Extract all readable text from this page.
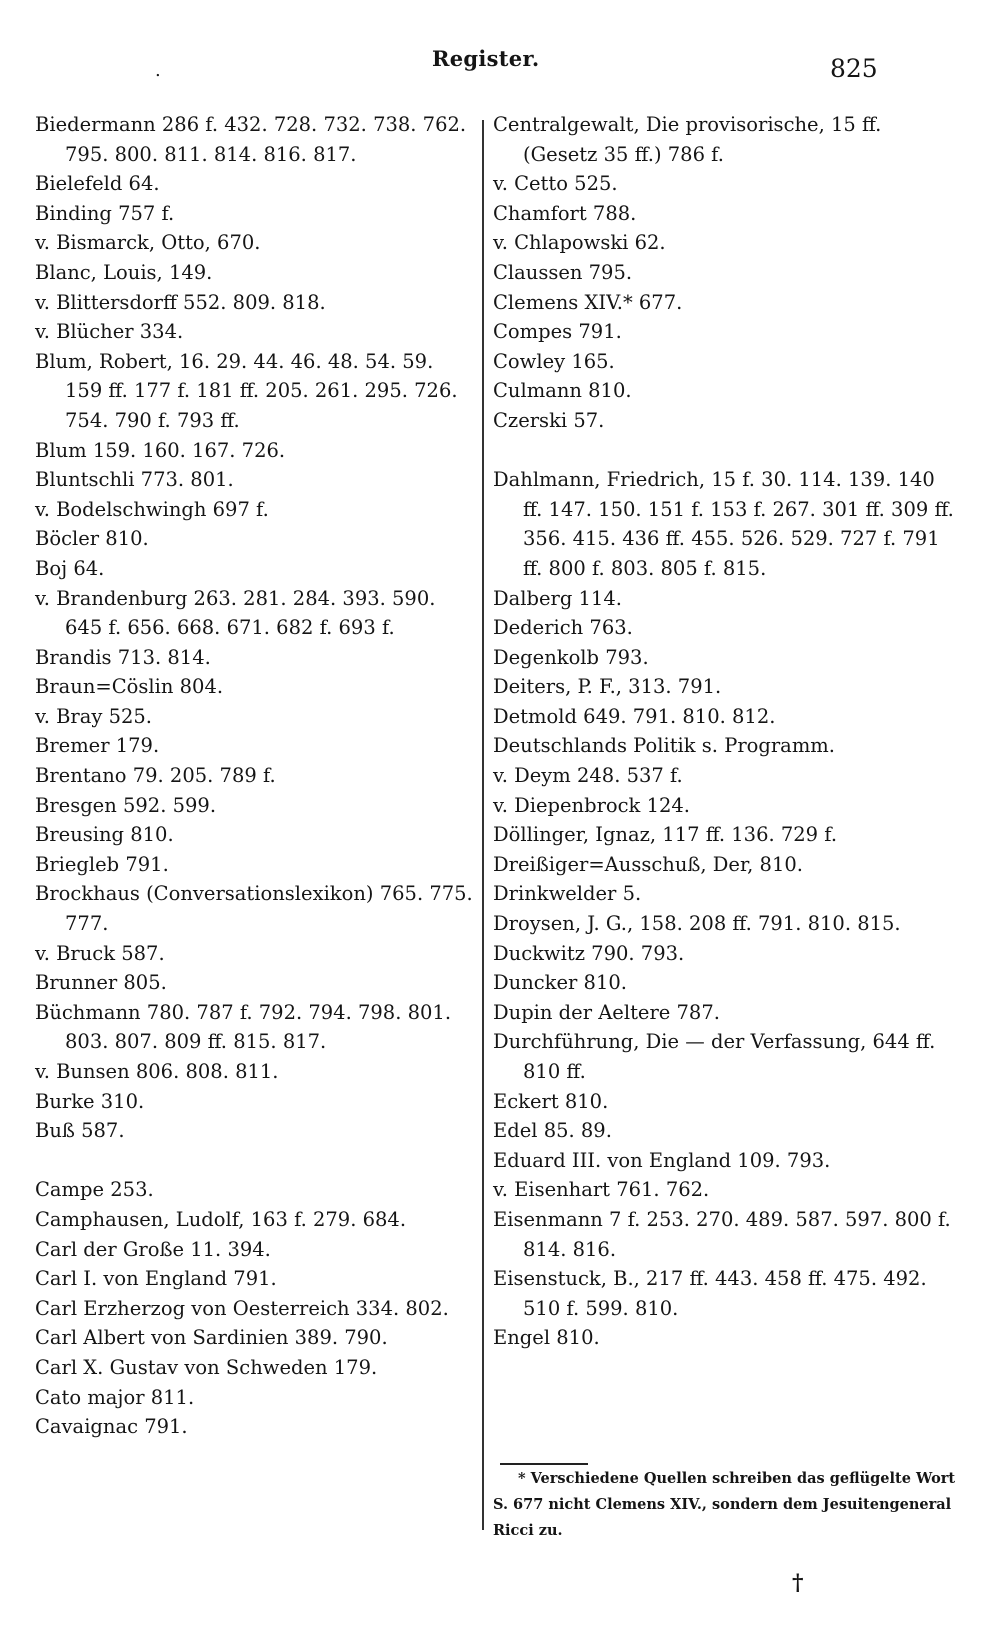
.	Register.	825

Biedermann 286 f. 432. 728. 732. 738. 762. 795. 800. 811. 814. 816. 817.

Bielefeld 64.

Binding 757 f.

v. Bismarck, Otto, 670.

Blanc, Louis, 149.

v. Blittersdorff 552. 809. 818.

v. Blücher 334.

Blum, Robert, 16. 29. 44. 46. 48. 54. 59. 159 ff. 177 f. 181 ff. 205. 261. 295. 726. 754. 790 f. 793 ff.

Blum 159. 160. 167. 726.

Bluntschli 773. 801.

v. Bodelschwingh 697 f.

Böcler 810.

Boj 64.

v. Brandenburg 263. 281. 284. 393. 590. 645 f. 656. 668. 671. 682 f. 693 f.

Brandis 713. 814.

Braun=Cöslin 804.

v. Bray 525.

Bremer 179.

Brentano 79. 205. 789 f.

Bresgen 592. 599.

Breusing 810.

Briegleb 791.

Brockhaus (Conversationslexikon) 765. 775. 777.

v. Bruck 587.

Brunner 805.

Büchmann 780. 787 f. 792. 794. 798. 801. 803. 807. 809 ff. 815. 817.

v. Bunsen 806. 808. 811.

Burke 310.

Buß 587.

Campe 253.

Camphausen, Ludolf, 163 f. 279. 684.

Carl der Große 11. 394.

Carl I. von England 791.

Carl Erzherzog von Oesterreich 334. 802.

Carl Albert von Sardinien 389. 790.

Carl X. Gustav von Schweden 179.

Cato major 811.

Cavaignac 791.

Centralgewalt, Die provisorische, 15 ff. (Gesetz 35 ff.) 786 f.

v. Cetto 525.

Chamfort 788.

v. Chlapowski 62.

Claussen 795.

Clemens XIV.* 677.

Compes 791.

Cowley 165.

Culmann 810.

Czerski 57.

Dahlmann, Friedrich, 15 f. 30. 114. 139. 140 ff. 147. 150. 151 f. 153 f. 267. 301 ff. 309 ff. 356. 415. 436 ff. 455. 526. 529. 727 f. 791 ff. 800 f. 803. 805 f. 815.

Dalberg 114.

Dederich 763.

Degenkolb 793.

Deiters, P. F., 313. 791.

Detmold 649. 791. 810. 812.

Deutschlands Politik s. Programm.

v. Deym 248. 537 f.

v. Diepenbrock 124.

Döllinger, Ignaz, 117 ff. 136. 729 f.

Dreißiger=Ausschuß, Der, 810.

Drinkwelder 5.

Droysen, J. G., 158. 208 ff. 791. 810. 815.

Duckwitz 790. 793.

Duncker 810.

Dupin der Aeltere 787.

Durchführung, Die — der Verfassung, 644 ff. 810 ff.

Eckert 810.

Edel 85. 89.

Eduard III. von England 109. 793.

v. Eisenhart 761. 762.

Eisenmann 7 f. 253. 270. 489. 587. 597. 800 f. 814. 816.

Eisenstuck, B., 217 ff. 443. 458 ff. 475. 492. 510 f. 599. 810.

Engel 810.

* Verschiedene Quellen schreiben das geflügelte Wort S. 677 nicht Clemens XIV., sondern dem Jesuitengeneral Ricci zu.
†
